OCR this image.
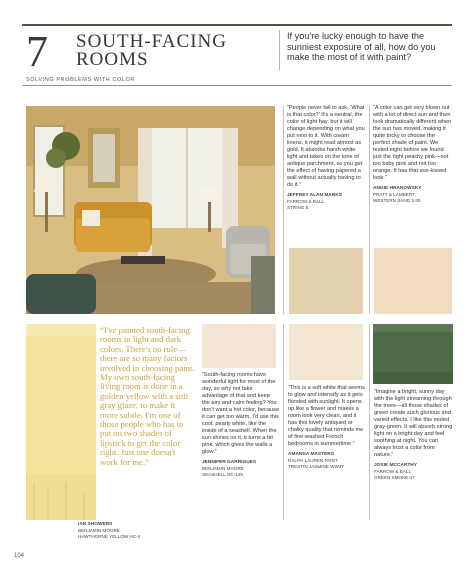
7	SOUTH-FACING
ROOMS
If you're lucky enough to have the sunniest exposure of all, how do you make the most of it with paint?
SOLVING PROBLEMS WITH COLOR
“People never fail to ask, ‘What is that color?’ It's a neutral, the color of light hay, but it will change depending on what you put next to it. With cream linens, it might read almost as gold. It absorbs harsh white light and takes on the tone of antique parchment, so you get the effect of having papered a wall without actually having to do it.”
JEFFREY ALAN MARKS
FARROW & BALL
STRING 8
“A color can get very blown out with a lot of direct sun and then look dramatically different when the sun has moved, making it quite tricky to choose the perfect shade of paint. We tested eight before we found just the right peachy pink—not too baby pink and not too orange. It has that sun-kissed look.”
ANGIE HRANOWSKY
PRATT & LAMBERT
WESTERN SAND 3-30
“I've painted south-facing rooms in light and dark colors. There's no rule—there are so many factors involved in choosing paint. My own south-facing living room is done in a golden yellow with a soft gray glaze, to make it more subtle. I'm one of those people who has to put on two shades of lipstick to get the color right. Just one doesn't work for me.”
IAN SHOWERS
BENJAMIN MOORE
HAWTHORNE YELLOW HC-4
“South-facing rooms have wonderful light for most of the day, so why not take advantage of that and keep the airy and calm feeling? You don't want a hot color, because it can get too warm. I'd use this cool, pearly white, like the inside of a seashell. When the sun shines on it, it turns a bit pink, which gives the walls a glow.”
JENNIFER GARRIGUES
BENJAMIN MOORE
SEASHELL OC-125
“This is a soft white that seems to glow and intensify as it gets flooded with sunlight. It opens up like a flower and makes a room look very clean, and it has this lovely antiqued or chalky quality that reminds me of fine-washed French bedrooms in summertime.”
AMANDA MASTERS
RALPH LAUREN PAINT
TRESTIN JASMINE WW37
“Imagine a bright, sunny day with the light streaming through the trees—all those shades of green create such glorious and varied effects. I like this muted gray-green. It will absorb strong light on a bright day and feel soothing at night. You can always trust a color from nature.”
JOSIE MCCARTHY
FARROW & BALL
GREEN SMOKE 47
104
